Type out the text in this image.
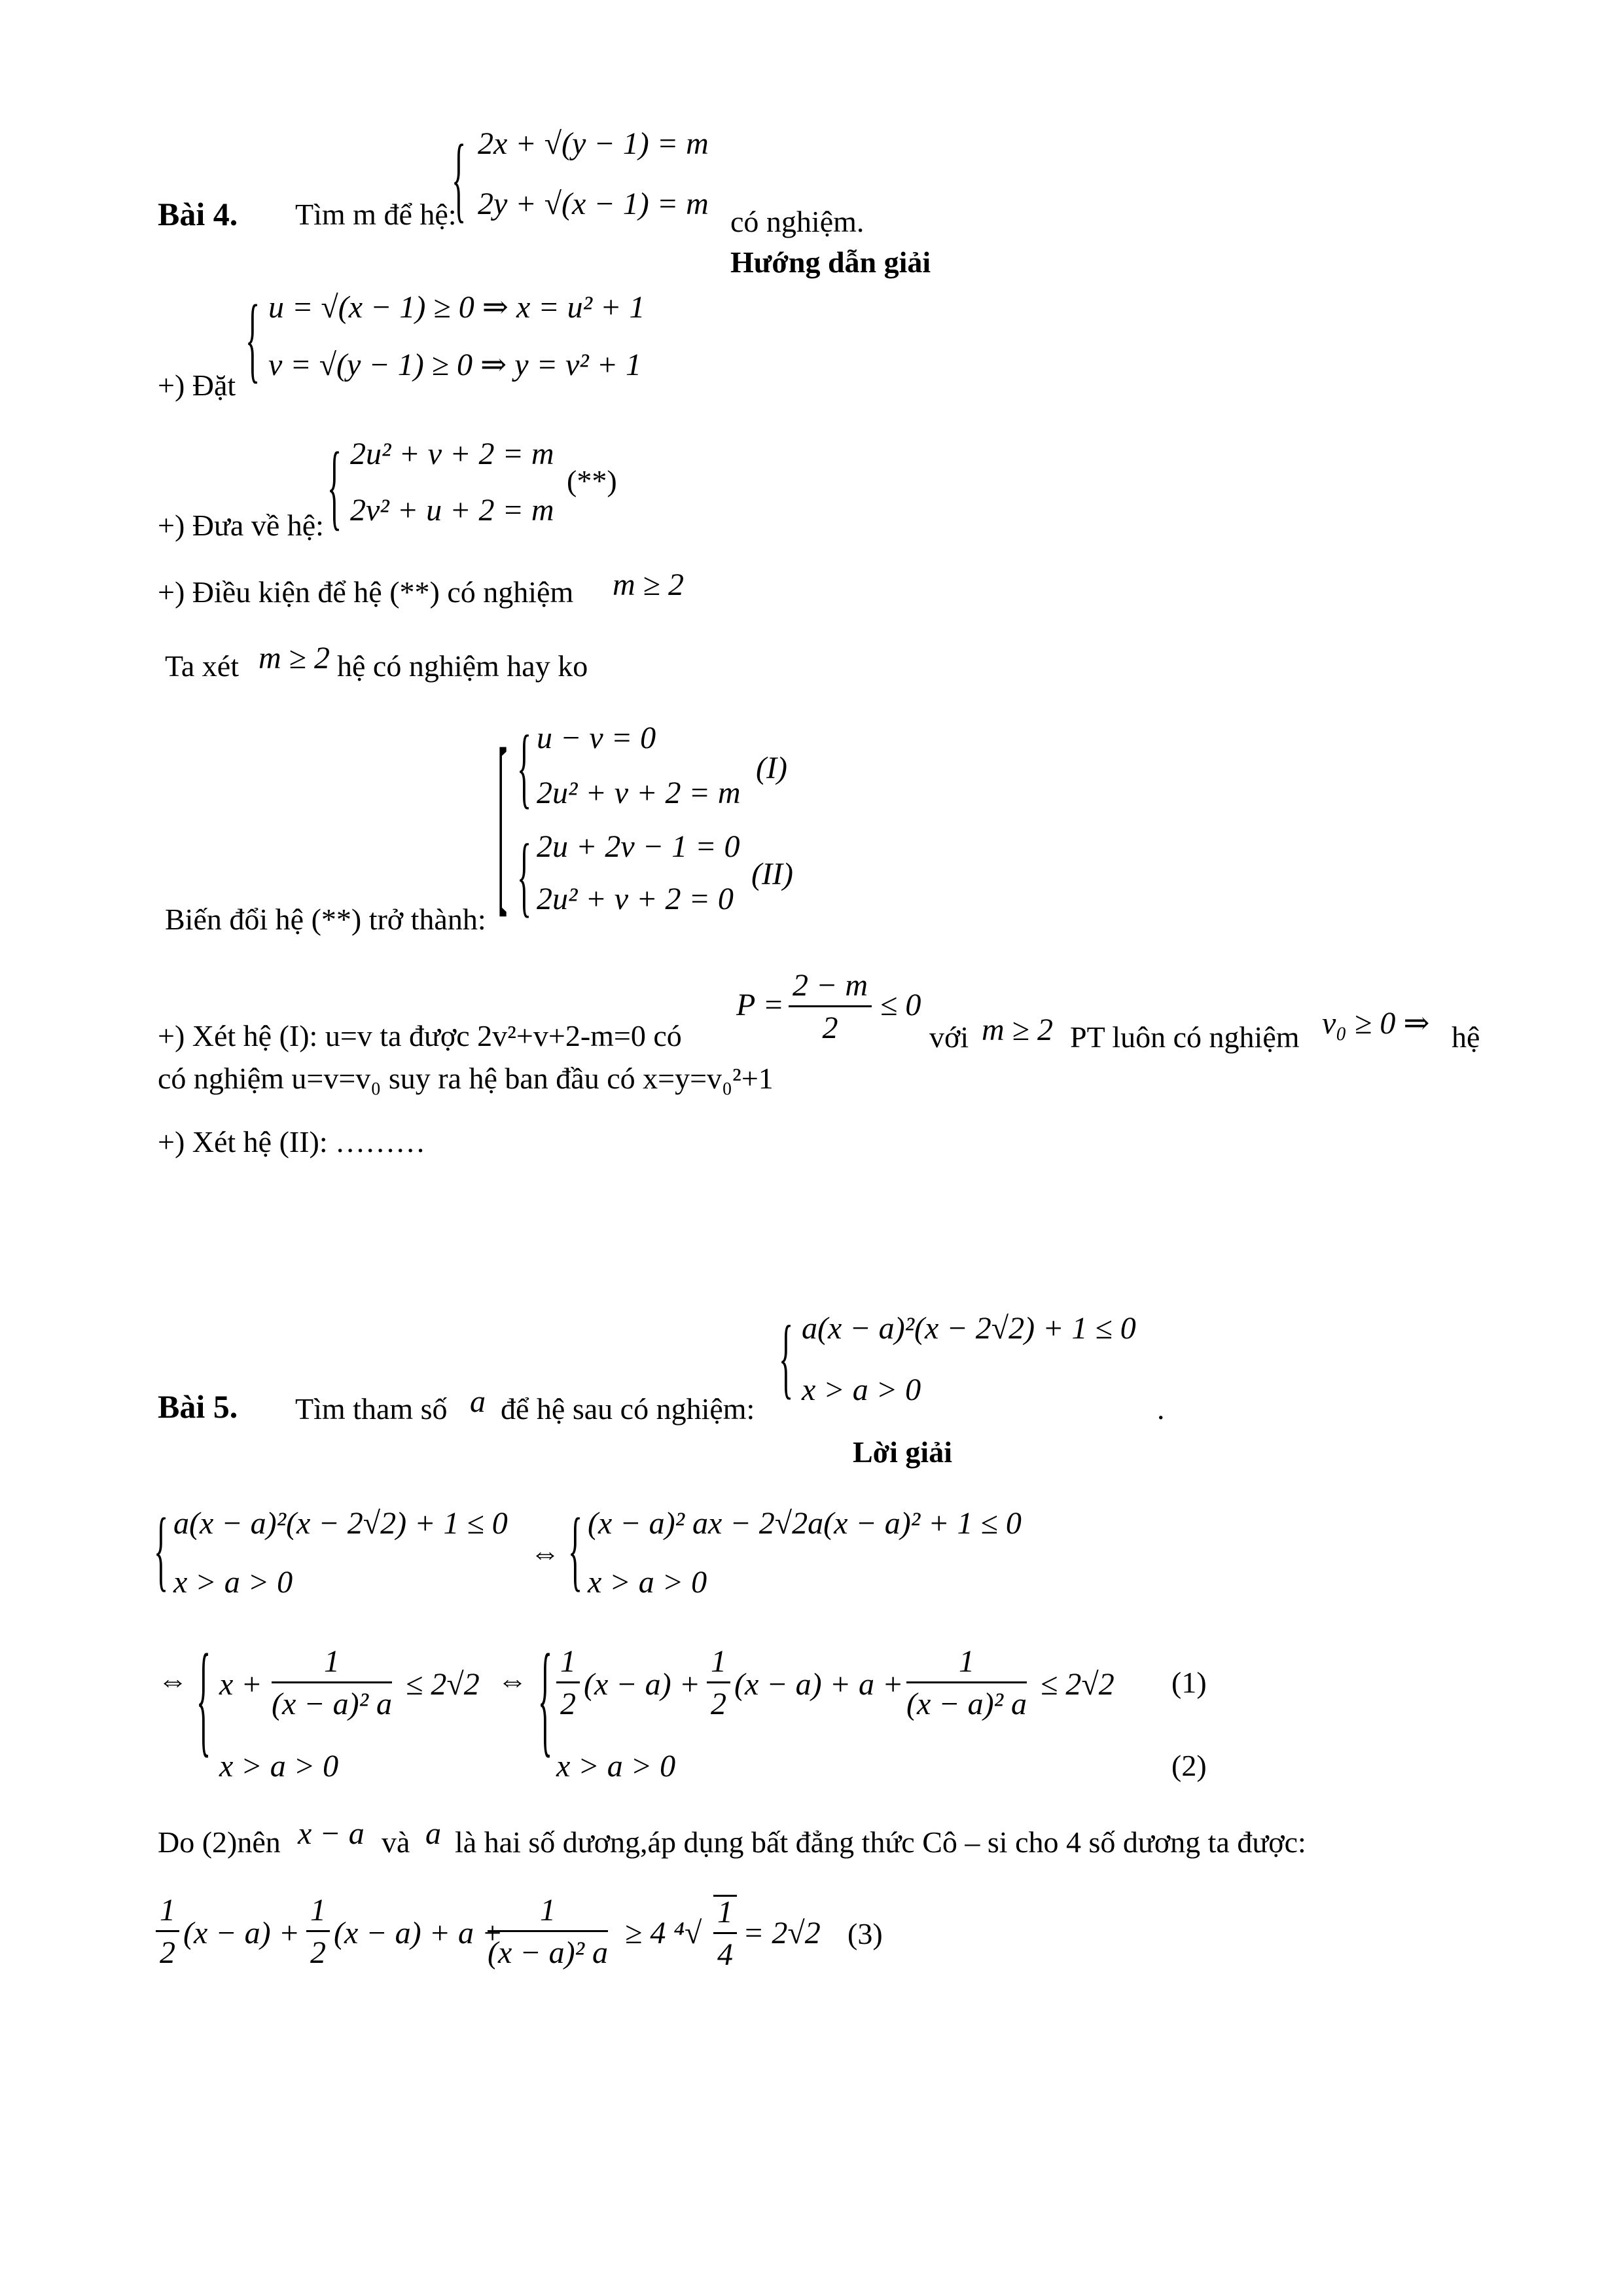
Bài 4. Tìm m để hệ:
{ 2x + √(y − 1) = m
2y + √(x − 1) = m
có nghiệm.
Hướng dẫn giải
+) Đặt { u = √(x − 1) ≥ 0 ⇒ x = u² + 1
v = √(y − 1) ≥ 0 ⇒ y = v² + 1
+) Đưa về hệ: { 2u² + v + 2 = m
2v² + u + 2 = m
(**)
+) Điều kiện để hệ (**) có nghiệm m ≥ 2
Ta xét m ≥ 2 hệ có nghiệm hay ko
Biến đổi hệ (**) trở thành: [ { u − v = 0
2u² + v + 2 = m
(I)
{ 2u + 2v − 1 = 0
2u² + v + 2 = 0
(II)
+) Xét hệ (I): u=v ta được 2v²+v+2-m=0 có
$P = \frac{2 - m}{2} \le 0$
với m ≥ 2 PT luôn có nghiệm v₀ ≥ 0 ⇒ hệ
có nghiệm u=v=v₀ suy ra hệ ban đầu có x=y=v₀²+1
+) Xét hệ (II): ………
Bài 5. Tìm tham số a để hệ sau có nghiệm:
{ a(x − a)²(x − 2√2) + 1 ≤ 0
x > a > 0
.
Lời giải
{ a(x − a)²(x − 2√2) + 1 ≤ 0
x > a > 0
⇔ { (x − a)² ax − 2√2a(x − a)² + 1 ≤ 0
x > a > 0
⇔ { $x + \frac{1}{\text{(x − a)² a}} \le 2√2$
x > a > 0
⇔ { $\frac{1}{2} (x - a) + \frac{1}{2} (x - a) + a + \frac{1}{\text{(x − a)² a}} \le 2√2$
x > a > 0
(1)
(2)
Do (2)nên x − a và a là hai số dương,áp dụng bất đẳng thức Cô – si cho 4 số dương ta được:
$\frac{1}{2} (x - a) + \frac{1}{2} (x - a) + a$ +
$\frac{1}{\text{(x − a)² a}} \ge 4$ $^4√ \frac{1}{4} = 2√2$ (3)
